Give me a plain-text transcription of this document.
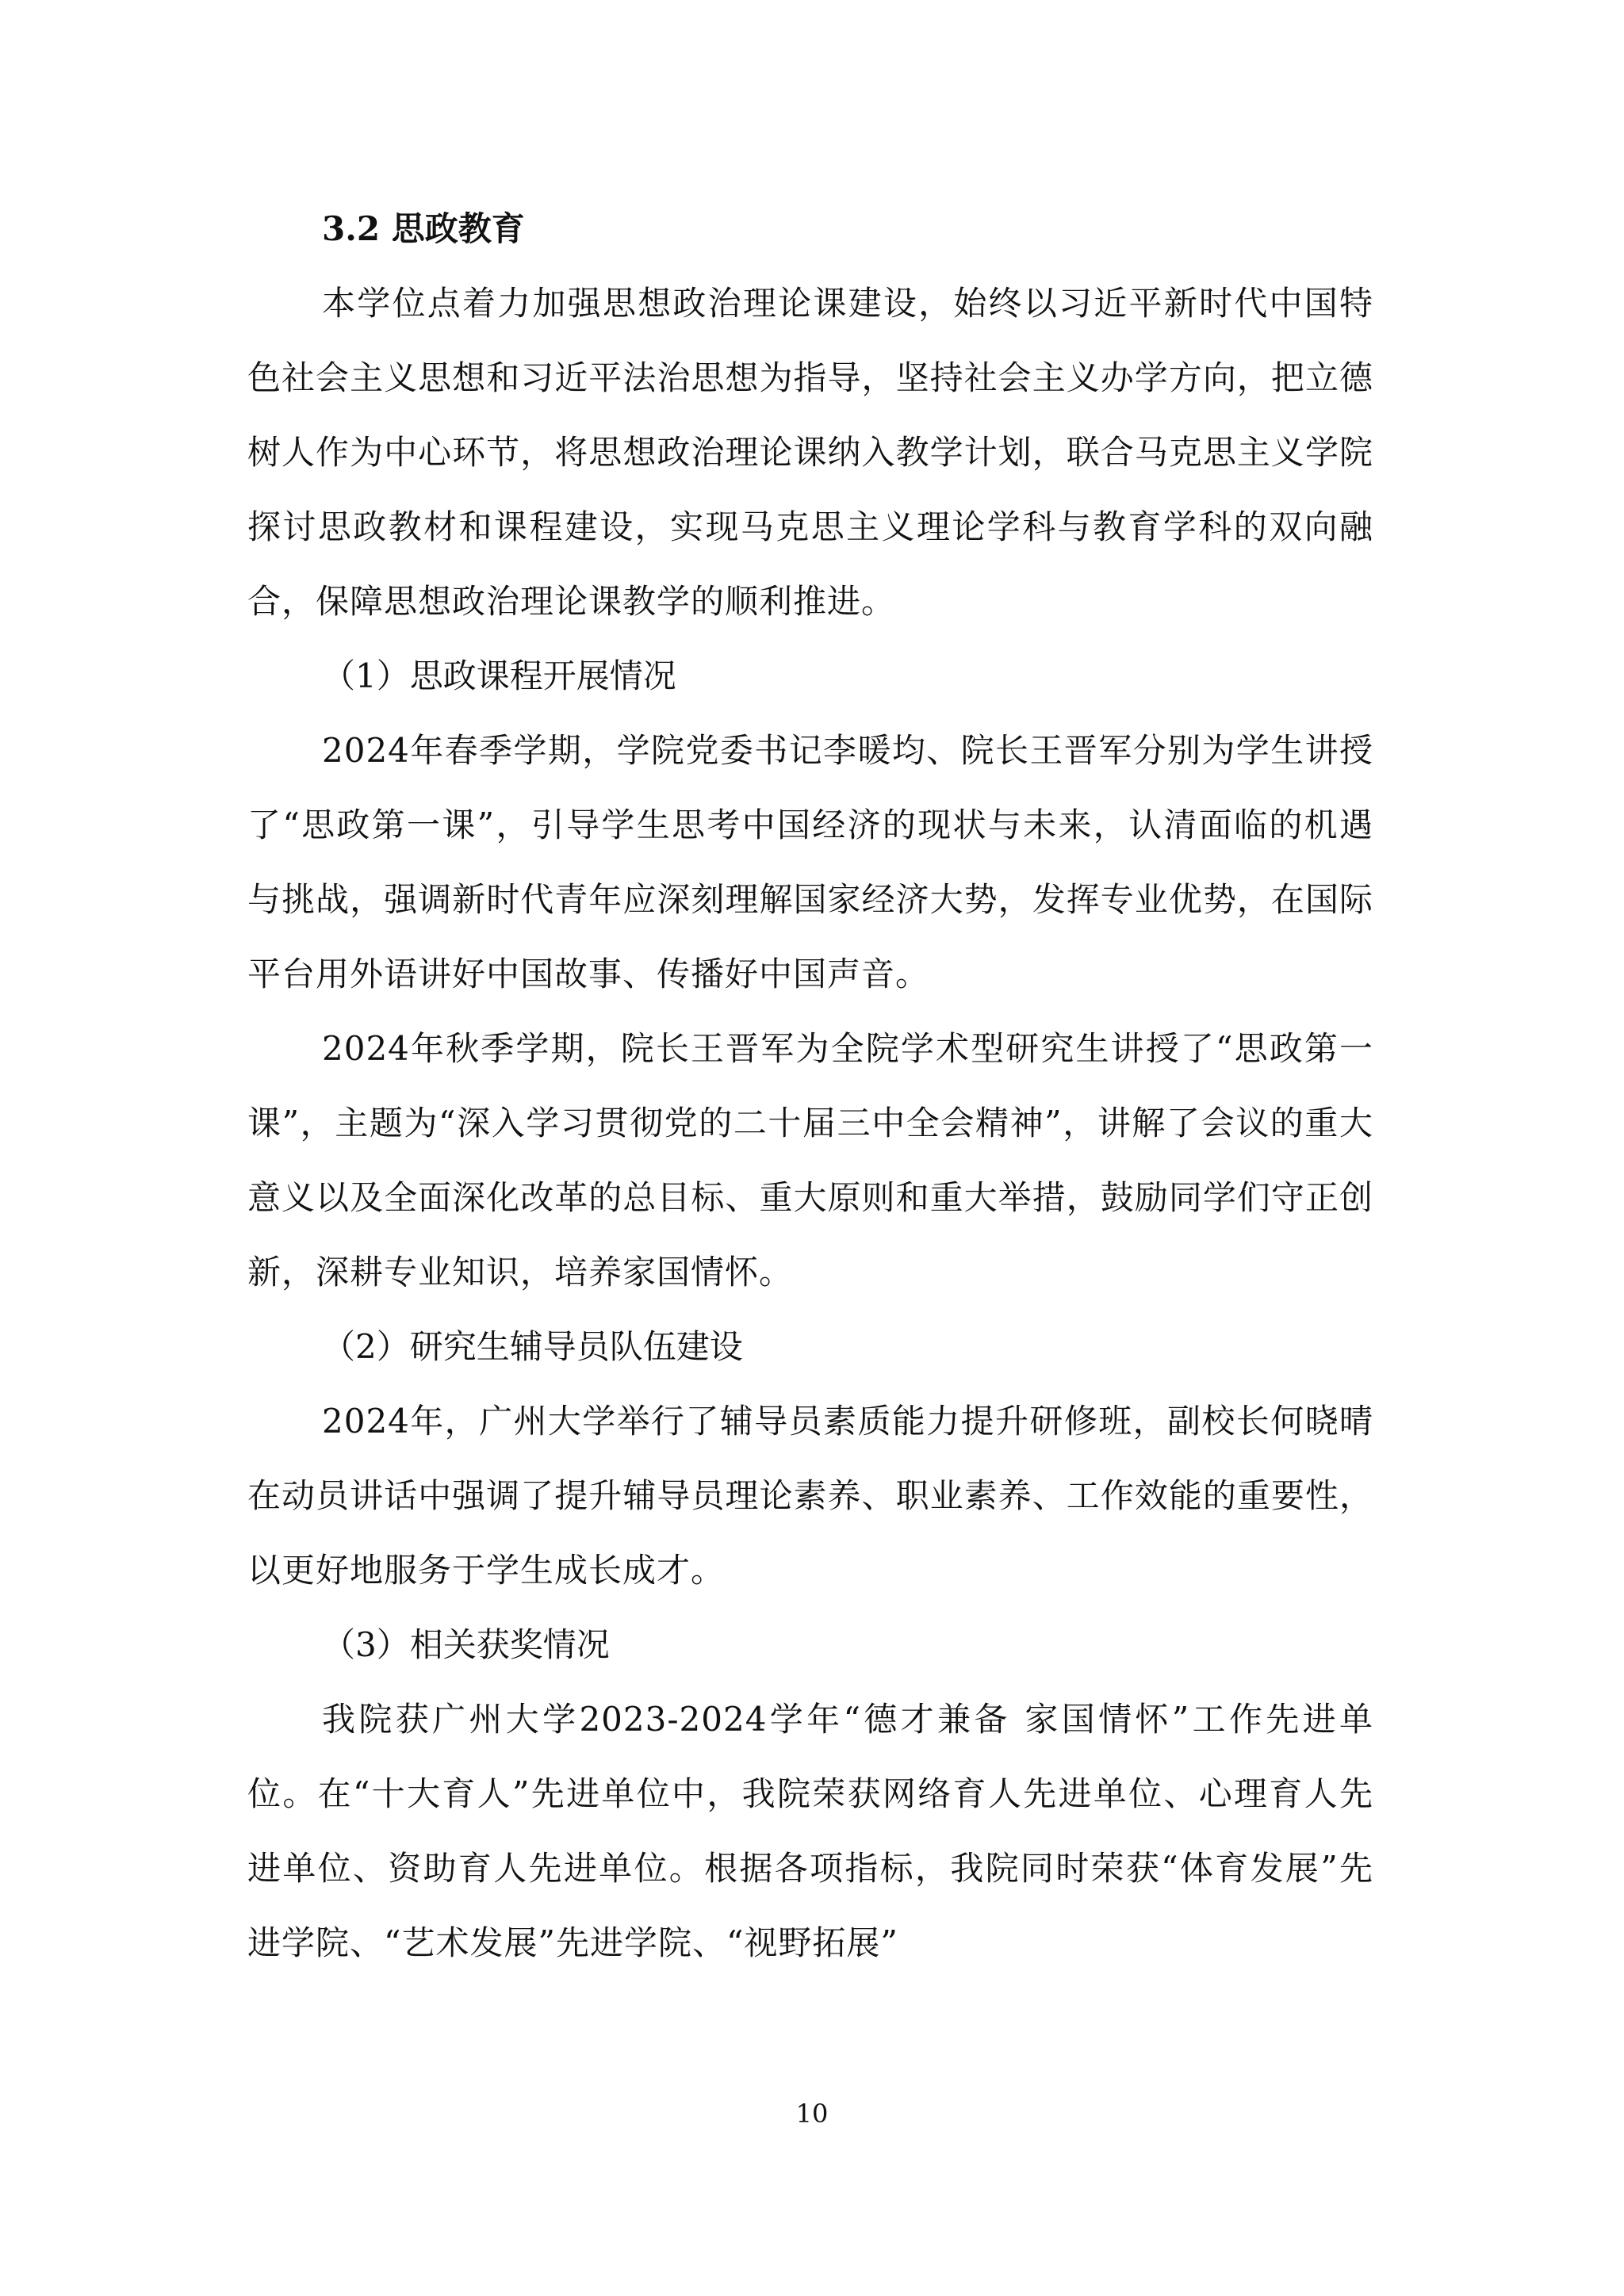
3.2 思政教育

本学位点着力加强思想政治理论课建设，始终以习近平新时代中国特色社会主义思想和习近平法治思想为指导，坚持社会主义办学方向，把立德树人作为中心环节，将思想政治理论课纳入教学计划，联合马克思主义学院探讨思政教材和课程建设，实现马克思主义理论学科与教育学科的双向融合，保障思想政治理论课教学的顺利推进。

（1）思政课程开展情况

2024年春季学期，学院党委书记李暖均、院长王晋军分别为学生讲授了“思政第一课”，引导学生思考中国经济的现状与未来，认清面临的机遇与挑战，强调新时代青年应深刻理解国家经济大势，发挥专业优势，在国际平台用外语讲好中国故事、传播好中国声音。

2024年秋季学期，院长王晋军为全院学术型研究生讲授了“思政第一课”，主题为“深入学习贯彻党的二十届三中全会精神”，讲解了会议的重大意义以及全面深化改革的总目标、重大原则和重大举措，鼓励同学们守正创新，深耕专业知识，培养家国情怀。

（2）研究生辅导员队伍建设

2024年，广州大学举行了辅导员素质能力提升研修班，副校长何晓晴在动员讲话中强调了提升辅导员理论素养、职业素养、工作效能的重要性，以更好地服务于学生成长成才。

（3）相关获奖情况

我院获广州大学2023-2024学年“德才兼备 家国情怀”工作先进单位。在“十大育人”先进单位中，我院荣获网络育人先进单位、心理育人先进单位、资助育人先进单位。根据各项指标，我院同时荣获“体育发展”先进学院、“艺术发展”先进学院、“视野拓展”

10
